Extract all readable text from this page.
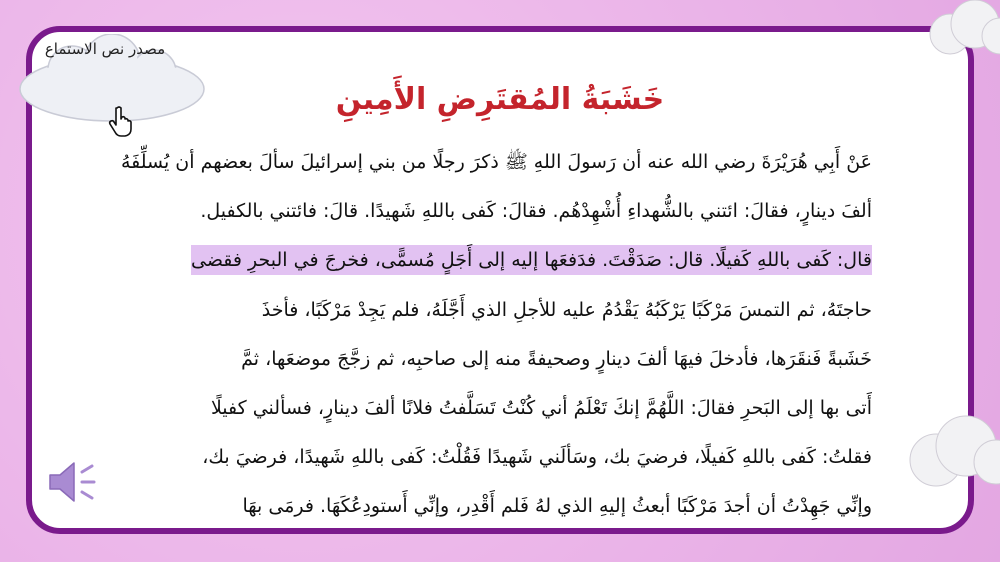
مصدر نص الاستماع
خَشَبَةُ المُقتَرِضِ الأَمِينِ
عَنْ أَبِي هُرَيْرَةَ رضي الله عنه أن رَسولَ اللهِ ﷺ ذكرَ رجلًا من بني إسرائيلَ سألَ بعضهم أن يُسلِّفَهُ
ألفَ دينارٍ، فقالَ: ائتني بالشُّهداءِ أُشْهِدْهُم. فقالَ: كَفى باللهِ شَهيدًا. قالَ: فائتني بالكفيل.
قال: كَفى باللهِ كَفيلًا. قال: صَدَقْتَ. فدَفعَها إليه إلى أَجَلٍ مُسمًّى، فخرجَ في البحرِ فقضى
حاجتَهُ، ثم التمسَ مَرْكَبًا يَرْكَبُهُ يَقْدُمُ عليه للأجلِ الذي أَجَّلَهُ، فلم يَجِدْ مَرْكَبًا، فأخذَ
خَشَبةً فَنقَرَها، فأدخلَ فيهَا ألفَ دينارٍ وصحيفةً منه إلى صاحبِه، ثم زجَّجَ موضعَها، ثمَّ
أَتى بها إلى البَحرِ فقالَ: اللَّهُمَّ إنكَ تَعْلَمُ أني كُنْتُ تَسَلَّفتُ فلانًا ألفَ دينارٍ، فسألني كفيلًا
فقلتُ: كَفى باللهِ كَفيلًا، فرضيَ بك، وسَألَني شَهيدًا فَقُلْتُ: كَفى باللهِ شَهيدًا، فرضيَ بك،
وإنِّي جَهِدْتُ أن أجدَ مَرْكَبًا أبعثُ إليهِ الذي لهُ فَلم أَقْدِر، وإنِّي أَستودِعُكَهَا. فرمَى بهَا
